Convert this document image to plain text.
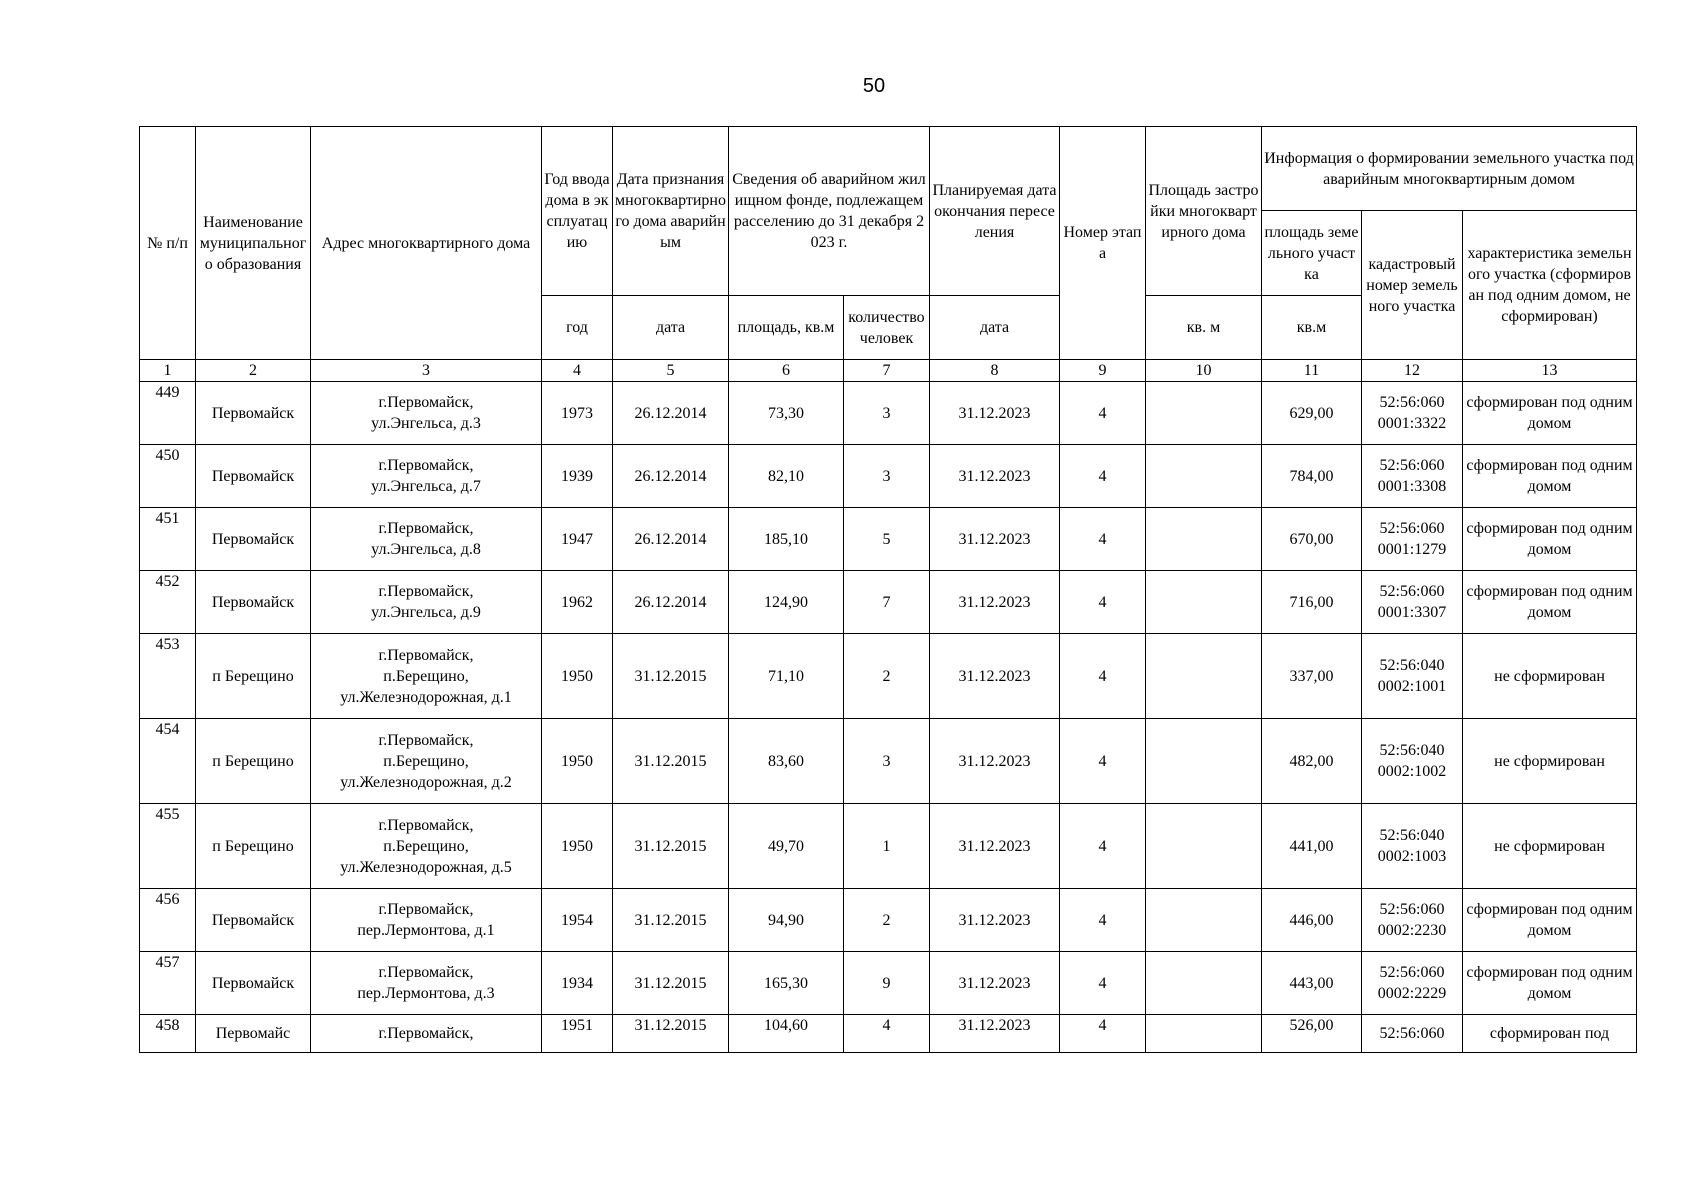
50
№ п/п	Наименование муниципального образования	Адрес многоквартирного дома	Год ввода дома в эксплуатацию	Дата признания многоквартирного дома аварийным	Сведения об аварийном жилищном фонде, подлежащем расселению до 31 декабря 2023 г.		Планируемая дата окончания переселения	Номер этапа	Площадь застройки многоквартирного дома	Информация о формировании земельного участка под аварийным многоквартирным домом		
										площадь земельного участка	кадастровый номер земельного участка	характеристика земельного участка (сформирован под одним домом, не сформирован)
			год	дата	площадь, кв.м	количество человек	дата		кв. м	кв.м		
1	2	3	4	5	6	7	8	9	10	11	12	13

449	Первомайск	г.Первомайск,
ул.Энгельса, д.3	1973	26.12.2014	73,30	3	31.12.2023	4		629,00	52:56:060
0001:3322	сформирован под одним домом

450	Первомайск	г.Первомайск,
ул.Энгельса, д.7	1939	26.12.2014	82,10	3	31.12.2023	4		784,00	52:56:060
0001:3308	сформирован под одним домом

451	Первомайск	г.Первомайск,
ул.Энгельса, д.8	1947	26.12.2014	185,10	5	31.12.2023	4		670,00	52:56:060
0001:1279	сформирован под одним домом

452	Первомайск	г.Первомайск,
ул.Энгельса, д.9	1962	26.12.2014	124,90	7	31.12.2023	4		716,00	52:56:060
0001:3307	сформирован под одним домом

453	п Берещино	г.Первомайск,
п.Берещино,
ул.Железнодорожная, д.1	1950	31.12.2015	71,10	2	31.12.2023	4		337,00	52:56:040
0002:1001	не сформирован

454	п Берещино	г.Первомайск,
п.Берещино,
ул.Железнодорожная, д.2	1950	31.12.2015	83,60	3	31.12.2023	4		482,00	52:56:040
0002:1002	не сформирован

455	п Берещино	г.Первомайск,
п.Берещино,
ул.Железнодорожная, д.5	1950	31.12.2015	49,70	1	31.12.2023	4		441,00	52:56:040
0002:1003	не сформирован

456	Первомайск	г.Первомайск,
пер.Лермонтова, д.1	1954	31.12.2015	94,90	2	31.12.2023	4		446,00	52:56:060
0002:2230	сформирован под одним домом

457	Первомайск	г.Первомайск,
пер.Лермонтова, д.3	1934	31.12.2015	165,30	9	31.12.2023	4		443,00	52:56:060
0002:2229	сформирован под одним домом

458	Первомайс	г.Первомайск,	1951	31.12.2015	104,60	4	31.12.2023	4		526,00	52:56:060	сформирован под
